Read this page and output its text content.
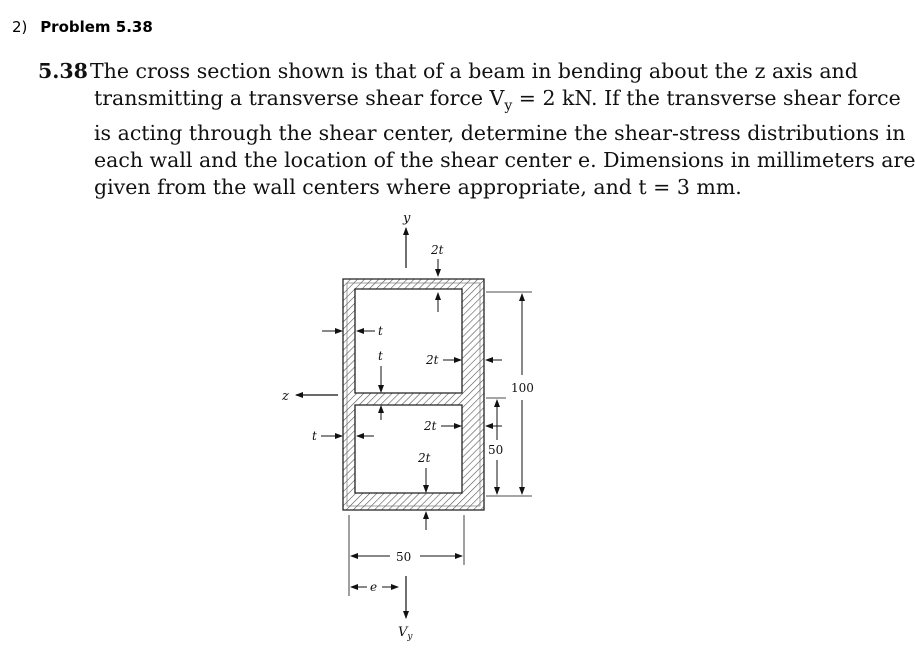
2) Problem 5.38
5.38 The cross section shown is that of a beam in bending about the z axis and
transmitting a transverse shear force $V_y = 2$ kN. If the transverse shear force
is acting through the shear center, determine the shear-stress distributions in
each wall and the location of the shear center e. Dimensions in millimeters are
given from the wall centers where appropriate, and t = 3 mm.
y
z
2t
t
t	2t
2t
2t
t
100
50
50
e
$V_y$
